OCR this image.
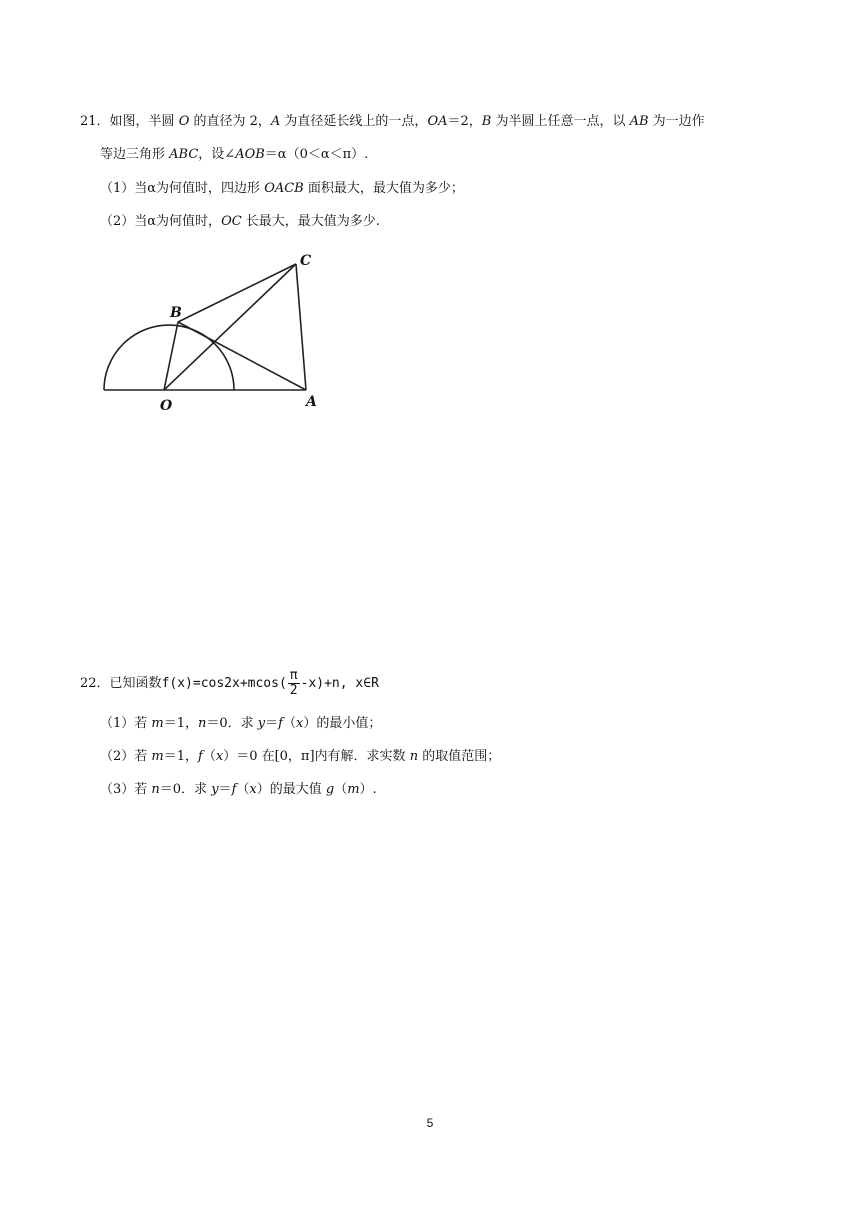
21．如图，半圆 O 的直径为 2，A 为直径延长线上的一点，OA＝2，B 为半圆上任意一点，以 AB 为一边作
等边三角形 ABC，设∠AOB＝α（0＜α＜π）.
（1）当α为何值时，四边形 OACB 面积最大，最大值为多少；
（2）当α为何值时，OC 长最大，最大值为多少.
B
C
O	A
22．已知函数$f(x)=\cos 2x+mcos( \frac{\pi}{2} -x)+n$, x∈R
（1）若 m＝1，n＝0．求 y＝f（x）的最小值；
（2）若 m＝1，f（x）＝0 在[0，π]内有解．求实数 n 的取值范围；
（3）若 n＝0．求 y＝f（x）的最大值 g（m）.
5
